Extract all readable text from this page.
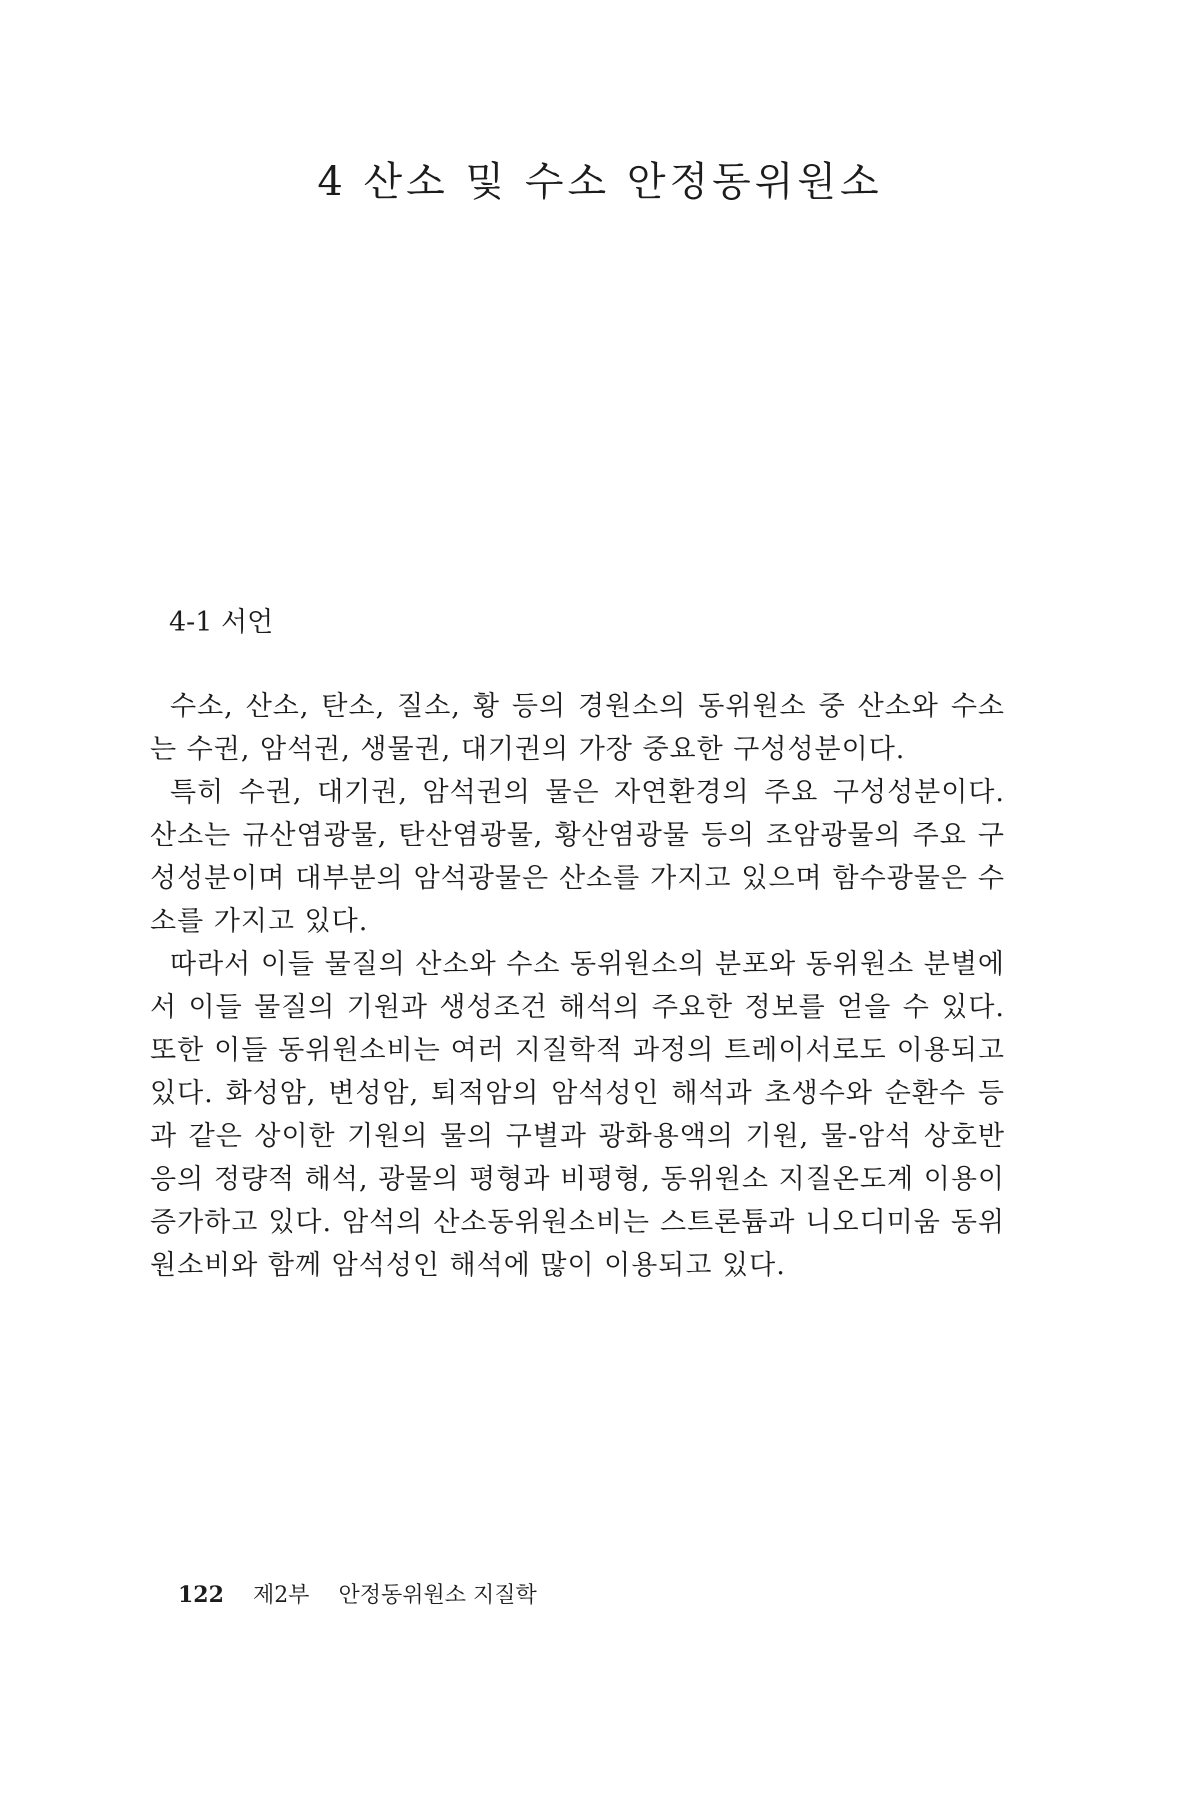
4 산소 및 수소 안정동위원소
4-1 서언

수소, 산소, 탄소, 질소, 황 등의 경원소의 동위원소 중 산소와 수소는 수권, 암석권, 생물권, 대기권의 가장 중요한 구성성분이다.

특히 수권, 대기권, 암석권의 물은 자연환경의 주요 구성성분이다. 산소는 규산염광물, 탄산염광물, 황산염광물 등의 조암광물의 주요 구성성분이며 대부분의 암석광물은 산소를 가지고 있으며 함수광물은 수소를 가지고 있다.

따라서 이들 물질의 산소와 수소 동위원소의 분포와 동위원소 분별에서 이들 물질의 기원과 생성조건 해석의 주요한 정보를 얻을 수 있다. 또한 이들 동위원소비는 여러 지질학적 과정의 트레이서로도 이용되고 있다. 화성암, 변성암, 퇴적암의 암석성인 해석과 초생수와 순환수 등과 같은 상이한 기원의 물의 구별과 광화용액의 기원, 물-암석 상호반응의 정량적 해석, 광물의 평형과 비평형, 동위원소 지질온도계 이용이 증가하고 있다. 암석의 산소동위원소비는 스트론튬과 니오디미움 동위원소비와 함께 암석성인 해석에 많이 이용되고 있다.

122 제2부 안정동위원소 지질학
